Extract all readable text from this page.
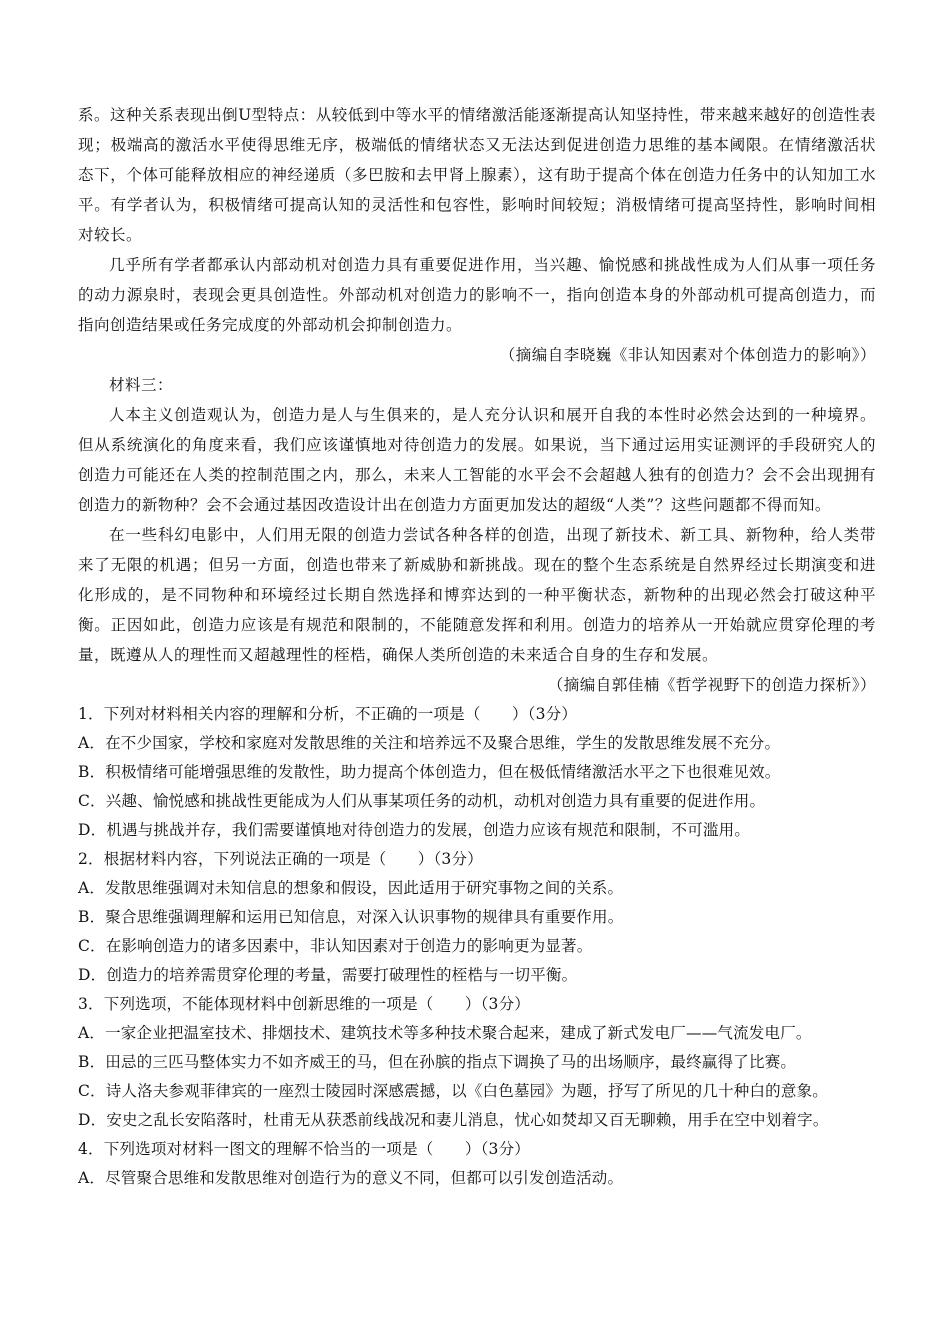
系。这种关系表现出倒U型特点：从较低到中等水平的情绪激活能逐渐提高认知坚持性，带来越来越好的创造性表现；极端高的激活水平使得思维无序，极端低的情绪状态又无法达到促进创造力思维的基本阈限。在情绪激活状态下，个体可能释放相应的神经递质（多巴胺和去甲肾上腺素），这有助于提高个体在创造力任务中的认知加工水平。有学者认为，积极情绪可提高认知的灵活性和包容性，影响时间较短；消极情绪可提高坚持性，影响时间相对较长。

几乎所有学者都承认内部动机对创造力具有重要促进作用，当兴趣、愉悦感和挑战性成为人们从事一项任务的动力源泉时，表现会更具创造性。外部动机对创造力的影响不一，指向创造本身的外部动机可提高创造力，而指向创造结果或任务完成度的外部动机会抑制创造力。

（摘编自李晓巍《非认知因素对个体创造力的影响》）

材料三：

人本主义创造观认为，创造力是人与生俱来的，是人充分认识和展开自我的本性时必然会达到的一种境界。但从系统演化的角度来看，我们应该谨慎地对待创造力的发展。如果说，当下通过运用实证测评的手段研究人的创造力可能还在人类的控制范围之内，那么，未来人工智能的水平会不会超越人独有的创造力？会不会出现拥有创造力的新物种？会不会通过基因改造设计出在创造力方面更加发达的超级“人类”？这些问题都不得而知。

在一些科幻电影中，人们用无限的创造力尝试各种各样的创造，出现了新技术、新工具、新物种，给人类带来了无限的机遇；但另一方面，创造也带来了新威胁和新挑战。现在的整个生态系统是自然界经过长期演变和进化形成的，是不同物种和环境经过长期自然选择和博弈达到的一种平衡状态，新物种的出现必然会打破这种平衡。正因如此，创造力应该是有规范和限制的，不能随意发挥和利用。创造力的培养从一开始就应贯穿伦理的考量，既遵从人的理性而又超越理性的桎梏，确保人类所创造的未来适合自身的生存和发展。

（摘编自郭佳楠《哲学视野下的创造力探析》）

1．下列对材料相关内容的理解和分析，不正确的一项是（　　）（3分）

A．在不少国家，学校和家庭对发散思维的关注和培养远不及聚合思维，学生的发散思维发展不充分。

B．积极情绪可能增强思维的发散性，助力提高个体创造力，但在极低情绪激活水平之下也很难见效。

C．兴趣、愉悦感和挑战性更能成为人们从事某项任务的动机，动机对创造力具有重要的促进作用。

D．机遇与挑战并存，我们需要谨慎地对待创造力的发展，创造力应该有规范和限制，不可滥用。

2．根据材料内容，下列说法正确的一项是（　　）（3分）

A．发散思维强调对未知信息的想象和假设，因此适用于研究事物之间的关系。

B．聚合思维强调理解和运用已知信息，对深入认识事物的规律具有重要作用。

C．在影响创造力的诸多因素中，非认知因素对于创造力的影响更为显著。

D．创造力的培养需贯穿伦理的考量，需要打破理性的桎梏与一切平衡。

3．下列选项，不能体现材料中创新思维的一项是（　　）（3分）

A．一家企业把温室技术、排烟技术、建筑技术等多种技术聚合起来，建成了新式发电厂——气流发电厂。

B．田忌的三匹马整体实力不如齐威王的马，但在孙膑的指点下调换了马的出场顺序，最终赢得了比赛。

C．诗人洛夫参观菲律宾的一座烈士陵园时深感震撼，以《白色墓园》为题，抒写了所见的几十种白的意象。

D．安史之乱长安陷落时，杜甫无从获悉前线战况和妻儿消息，忧心如焚却又百无聊赖，用手在空中划着字。

4．下列选项对材料一图文的理解不恰当的一项是（　　）（3分）

A．尽管聚合思维和发散思维对创造行为的意义不同，但都可以引发创造活动。
